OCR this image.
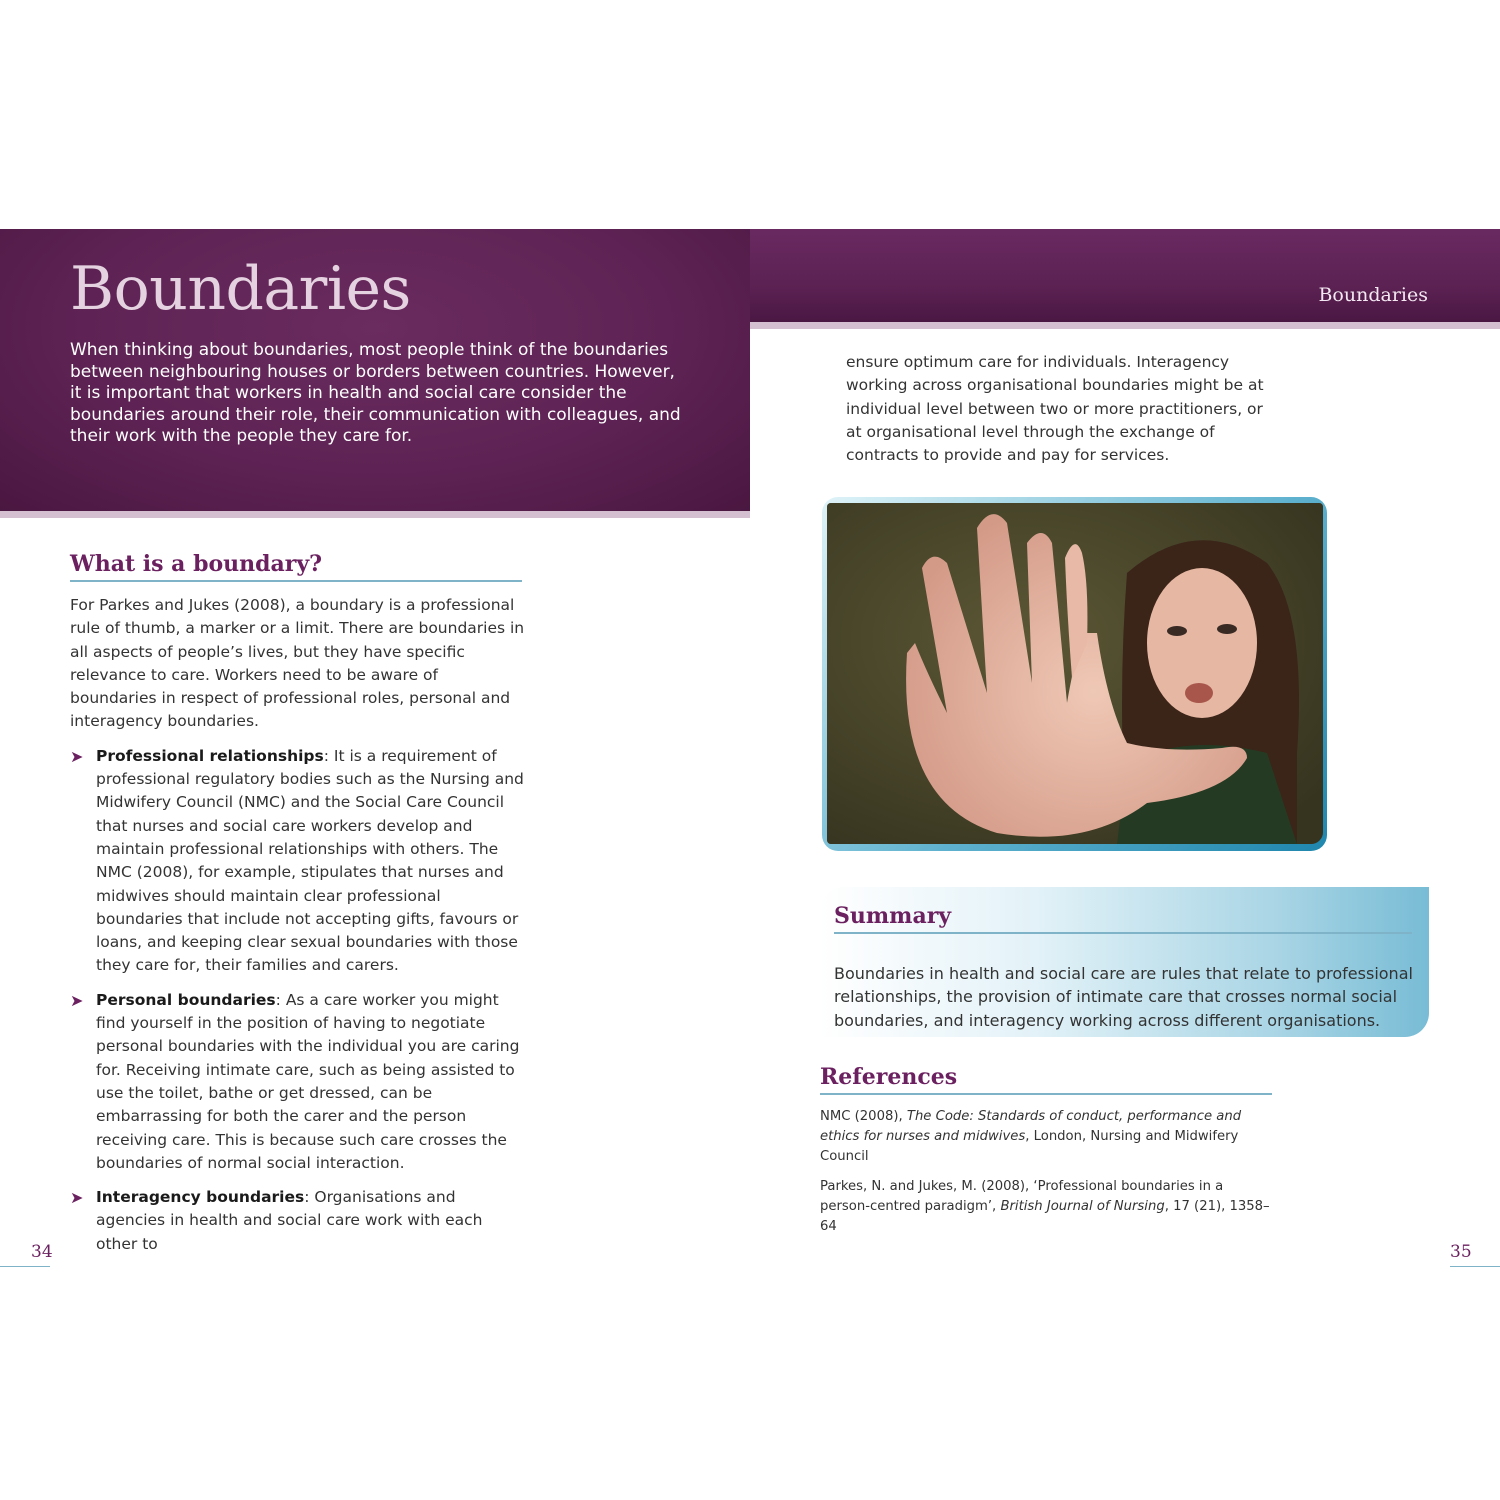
Boundaries

When thinking about boundaries, most people think of the boundaries between neighbouring houses or borders between countries. However, it is important that workers in health and social care consider the boundaries around their role, their communication with colleagues, and their work with the people they care for.

What is a boundary?

For Parkes and Jukes (2008), a boundary is a professional rule of thumb, a marker or a limit. There are boundaries in all aspects of people’s lives, but they have specific relevance to care. Workers need to be aware of boundaries in respect of professional roles, personal and interagency boundaries.

➤ Professional relationships: It is a requirement of professional regulatory bodies such as the Nursing and Midwifery Council (NMC) and the Social Care Council that nurses and social care workers develop and maintain professional relationships with others. The NMC (2008), for example, stipulates that nurses and midwives should maintain clear professional boundaries that include not accepting gifts, favours or loans, and keeping clear sexual boundaries with those they care for, their families and carers.
➤ Personal boundaries: As a care worker you might find yourself in the position of having to negotiate personal boundaries with the individual you are caring for. Receiving intimate care, such as being assisted to use the toilet, bathe or get dressed, can be embarrassing for both the carer and the person receiving care. This is because such care crosses the boundaries of normal social interaction.
➤ Interagency boundaries: Organisations and agencies in health and social care work with each other to
34
Boundaries

ensure optimum care for individuals. Interagency working across organisational boundaries might be at individual level between two or more practitioners, or at organisational level through the exchange of contracts to provide and pay for services.

Summary

Boundaries in health and social care are rules that relate to professional relationships, the provision of intimate care that crosses normal social boundaries, and interagency working across different organisations.

References

NMC (2008), The Code: Standards of conduct, performance and ethics for nurses and midwives, London, Nursing and Midwifery Council

Parkes, N. and Jukes, M. (2008), ‘Professional boundaries in a person-centred paradigm’, British Journal of Nursing, 17 (21), 1358–64

35
